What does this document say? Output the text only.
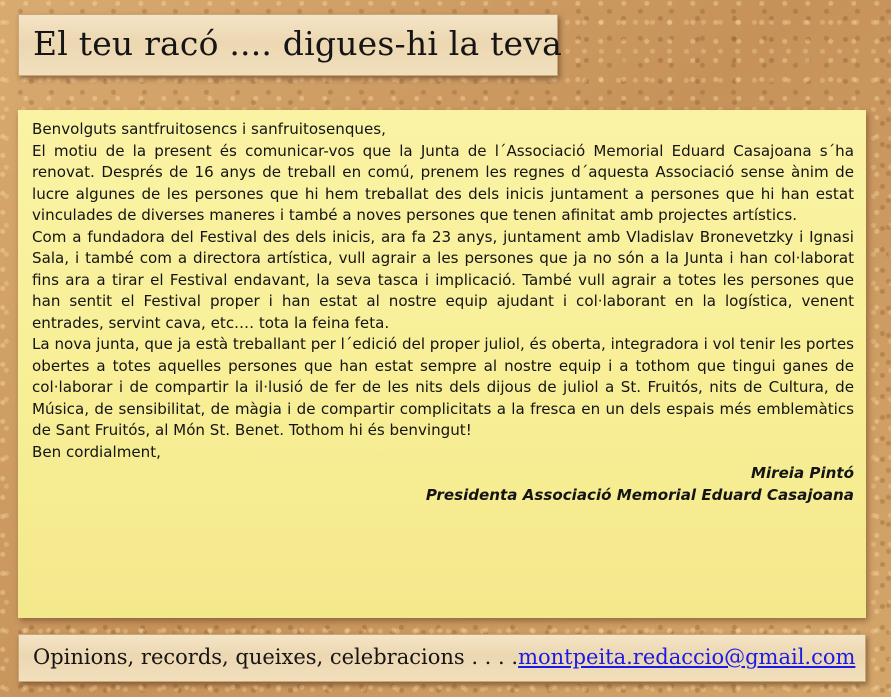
El teu racó .... digues-hi la teva

Benvolguts santfruitosencs i sanfruitosenques,

El motiu de la present és comunicar-vos que la Junta de l´Associació Memorial Eduard Casajoana s´ha renovat. Després de 16 anys de treball en comú, prenem les regnes d´aquesta Associació sense ànim de lucre algunes de les persones que hi hem treballat des dels inicis juntament a persones que hi han estat vinculades de diverses maneres i també a noves persones que tenen afinitat amb projectes artístics.

Com a fundadora del Festival des dels inicis, ara fa 23 anys, juntament amb Vladislav Bronevetzky i Ignasi Sala, i també com a directora artística, vull agrair a les persones que ja no són a la Junta i han col·laborat fins ara a tirar el Festival endavant, la seva tasca i implicació. També vull agrair a totes les persones que han sentit el Festival proper i han estat al nostre equip ajudant i col·laborant en la logística, venent entrades, servint cava, etc.… tota la feina feta.

La nova junta, que ja està treballant per l´edició del proper juliol, és oberta, integradora i vol tenir les portes obertes a totes aquelles persones que han estat sempre al nostre equip i a tothom que tingui ganes de col·laborar i de compartir la il·lusió de fer de les nits dels dijous de juliol a St. Fruitós, nits de Cultura, de Música, de sensibilitat, de màgia i de compartir complicitats a la fresca en un dels espais més emblemàtics de Sant Fruitós, al Món St. Benet. Tothom hi és benvingut!

Ben cordialment,

Mireia Pintó
Presidenta Associació Memorial Eduard Casajoana
Opinions, records, queixes, celebracions . . . .montpeita.redaccio@gmail.com
